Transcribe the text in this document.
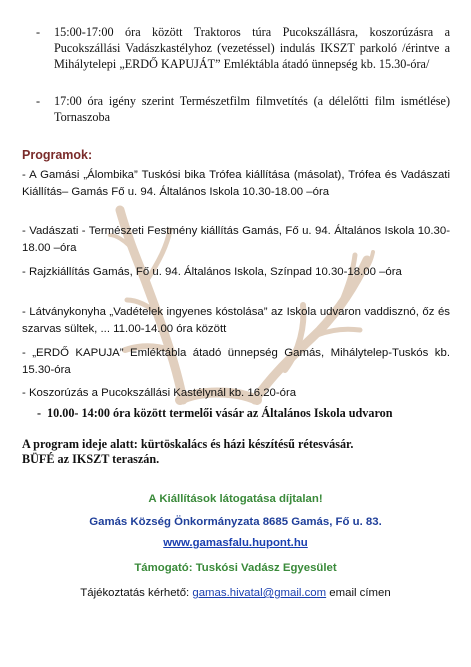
- 15:00-17:00 óra között Traktoros túra Pucokszállásra, koszorúzásra a Pucokszállási Vadászkastélyhoz (vezetéssel) indulás IKSZT parkoló /érintve a Mihálytelepi „ERDŐ KAPUJÁT” Emléktábla átadó ünnepség kb. 15.30-óra/
- 17:00 óra igény szerint Természetfilm filmvetítés (a délelőtti film ismétlése) Tornaszoba
Programok:
- A Gamási „Álombika” Tuskósi bika Trófea kiállítása (másolat), Trófea és Vadászati Kiállítás– Gamás Fő u. 94. Általános Iskola 10.30-18.00 –óra
- Vadászati - Természeti Festmény kiállítás Gamás, Fő u. 94. Általános Iskola 10.30-18.00 –óra
- Rajzkiállítás Gamás, Fő u. 94. Általános Iskola, Színpad 10.30-18.00 –óra
- Látványkonyha „Vadételek ingyenes kóstolása” az Iskola udvaron vaddisznó, őz és szarvas sültek, ... 11.00-14.00 óra között
- „ERDŐ KAPUJA” Emléktábla átadó ünnepség Gamás, Mihálytelep-Tuskós kb. 15.30-óra
- Koszorúzás a Pucokszállási Kastélynál kb. 16.20-óra
- 10.00- 14:00 óra között termelői vásár az Általános Iskola udvaron
A program ideje alatt: kürtöskalács és házi készítésű rétesvásár.
BÜFÉ az IKSZT teraszán.
A Kiállítások látogatása díjtalan!
Gamás Község Önkormányzata 8685 Gamás, Fő u. 83.
www.gamasfalu.hupont.hu
Támogató: Tuskósi Vadász Egyesület
Tájékoztatás kérhető: gamas.hivatal@gmail.com email címen
